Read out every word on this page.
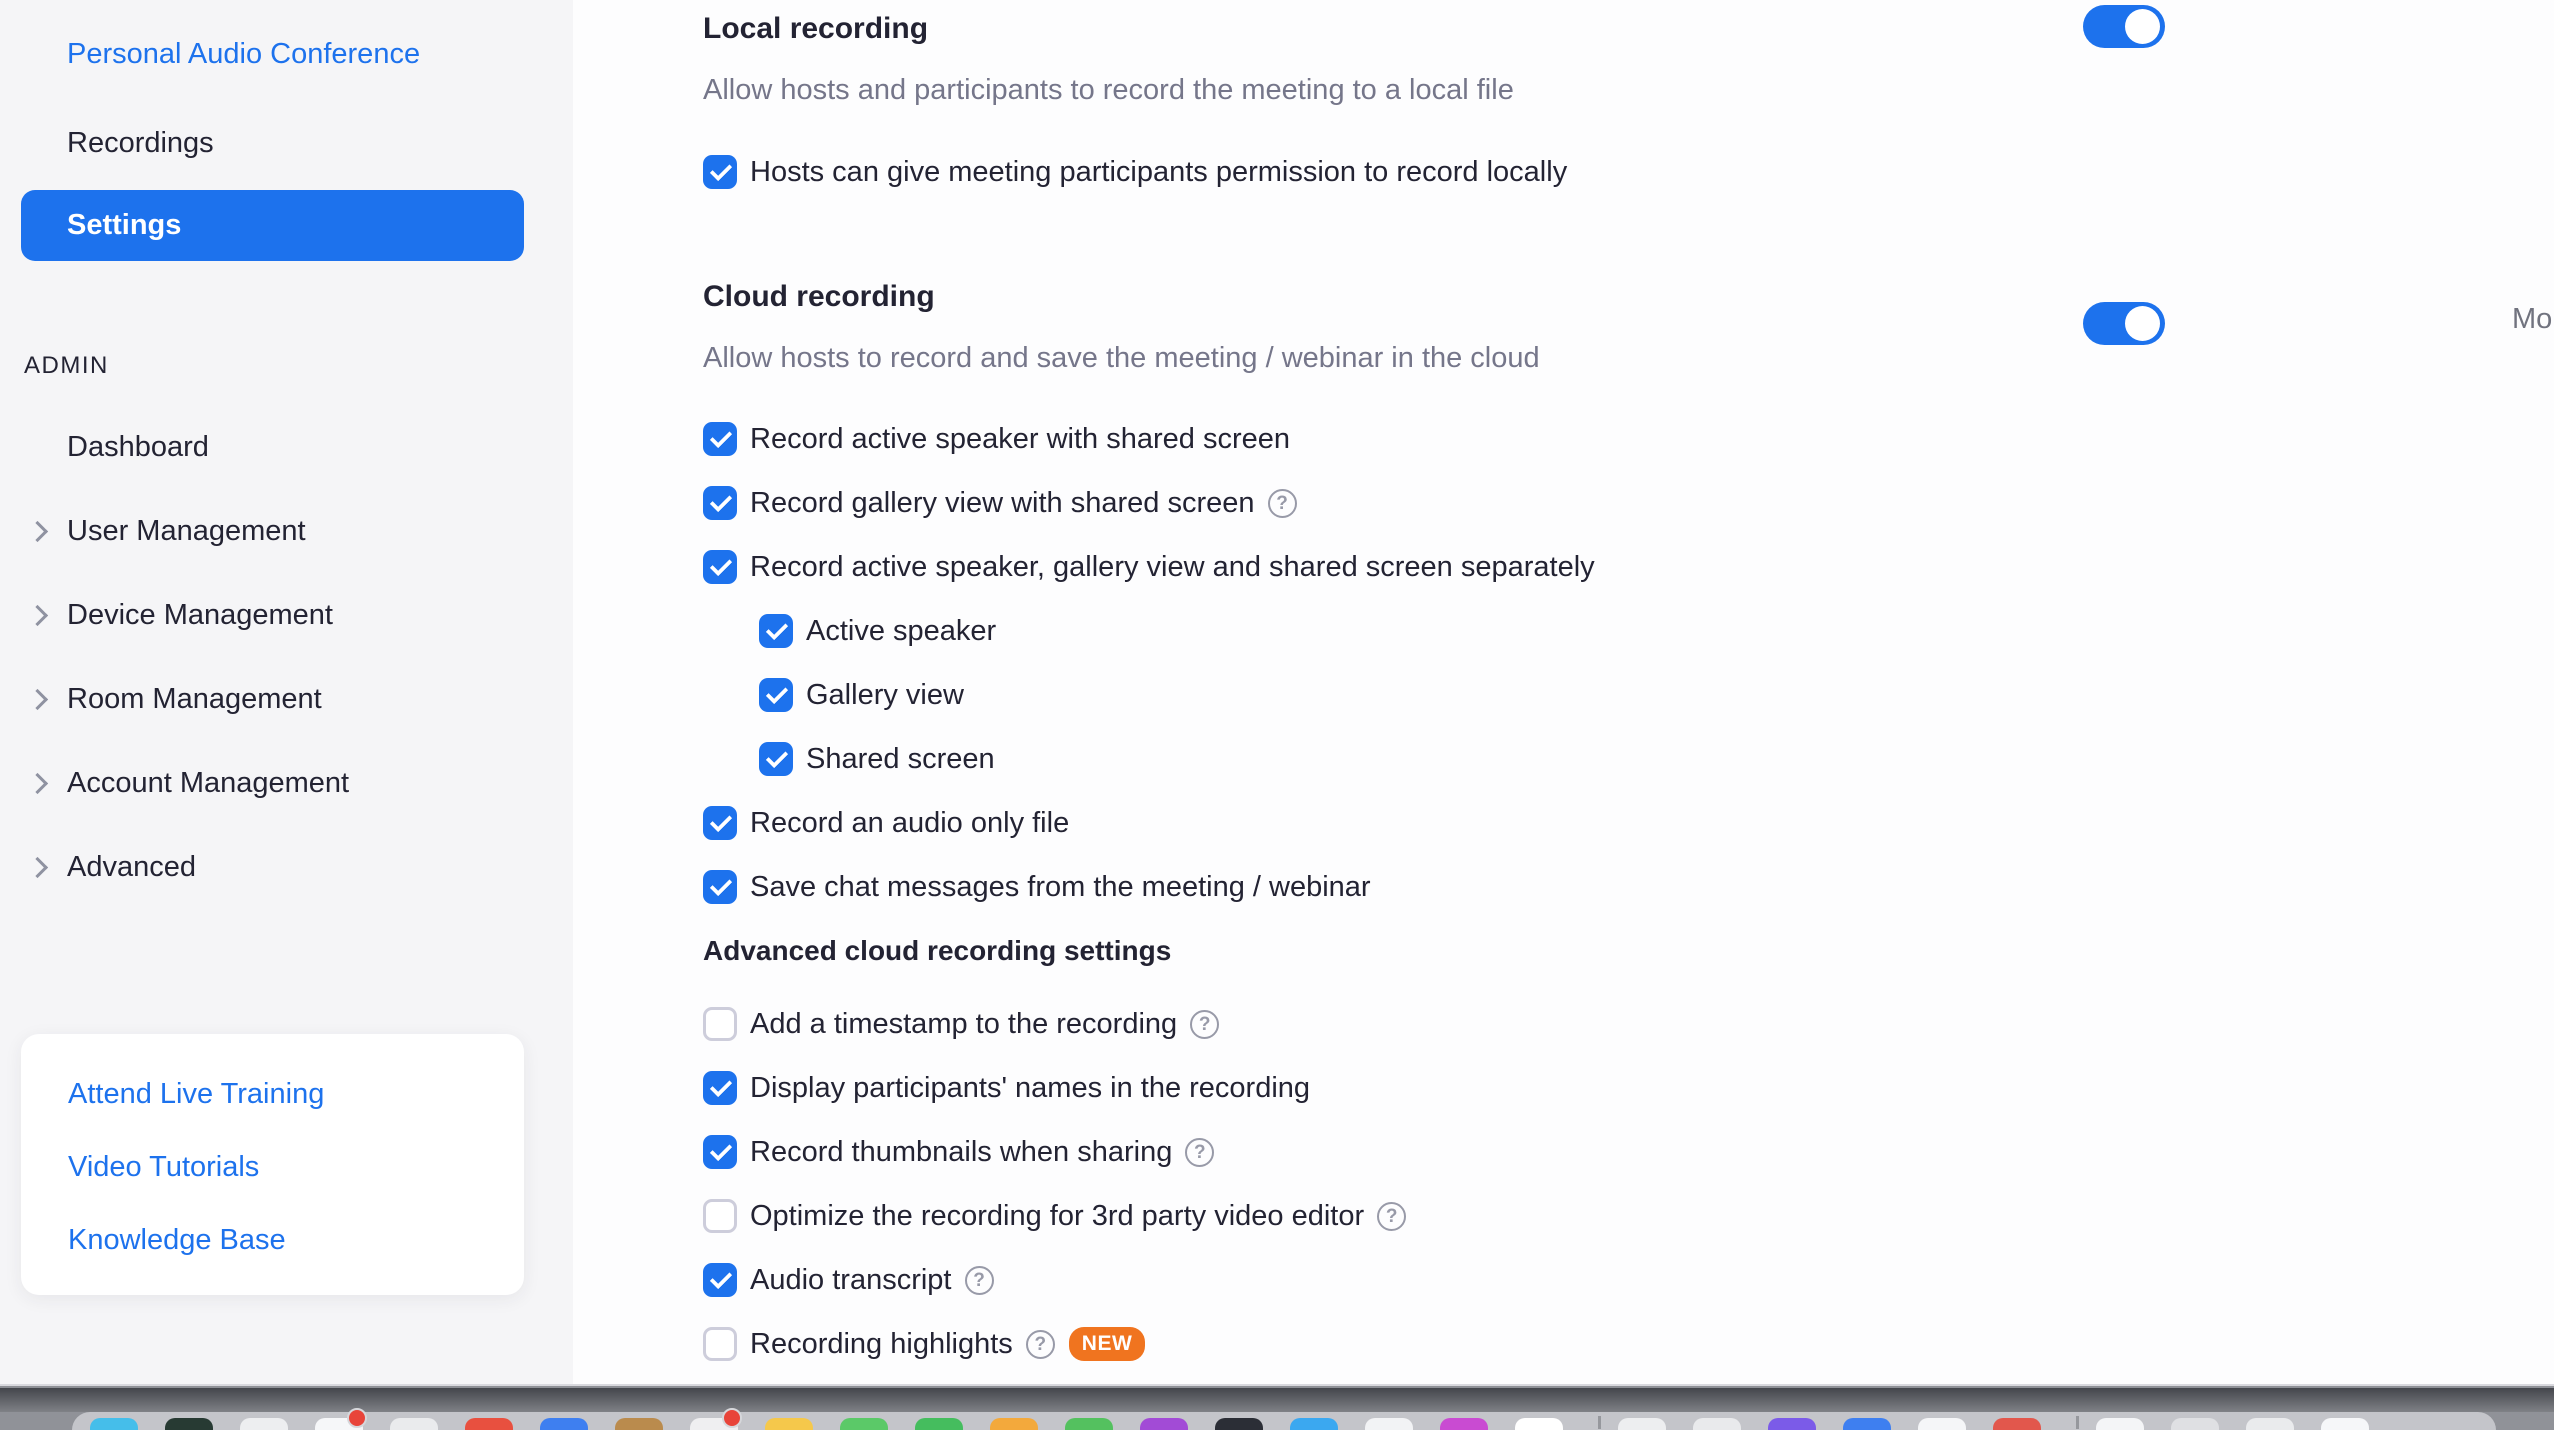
Personal Audio Conference
Recordings
Settings
ADMIN
Dashboard
User Management
Device Management
Room Management
Account Management
Advanced
Attend Live Training
Video Tutorials
Knowledge Base
Local recording

Allow hosts and participants to record the meeting to a local file

Hosts can give meeting participants permission to record locally
Cloud recording

Allow hosts to record and save the meeting / webinar in the cloud

Record active speaker with shared screen
Record gallery view with shared screen	?
Record active speaker, gallery view and shared screen separately
Active speaker
Gallery view
Shared screen
Record an audio only file
Save chat messages from the meeting / webinar
Advanced cloud recording settings
Add a timestamp to the recording	?
Display participants' names in the recording
Record thumbnails when sharing	?
Optimize the recording for 3rd party video editor	?
Audio transcript	?
Recording highlights	?	NEW
Mo
